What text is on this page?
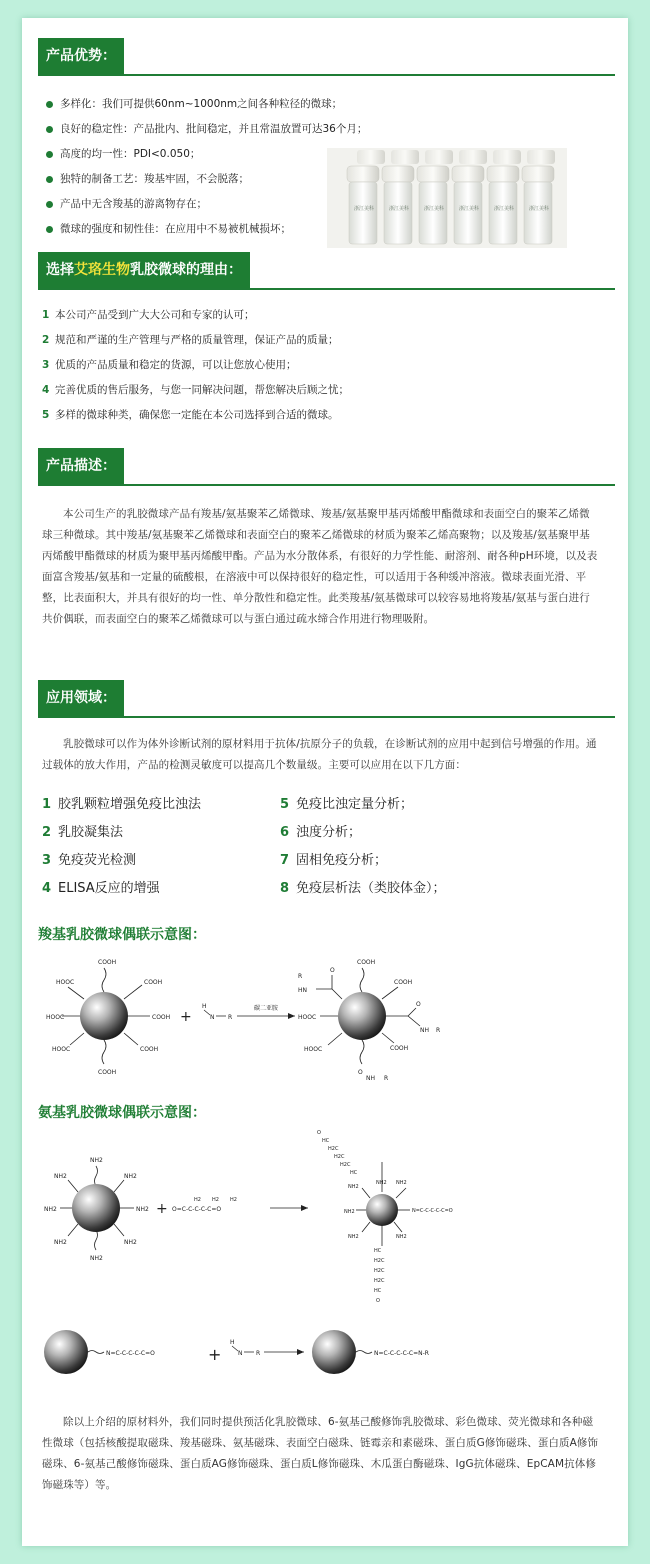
产品优势：
多样化：我们可提供60nm~1000nm之间各种粒径的微球；
良好的稳定性：产品批内、批间稳定，并且常温放置可达36个月；
高度的均一性：PDI<0.050；
独特的制备工艺：羧基牢固，不会脱落；
产品中无含羧基的游离物存在；
微球的强度和韧性佳：在应用中不易被机械损坏；
浙江美科	浙江美科	浙江美科	浙江美科	浙江美科	浙江美科
选择艾珞生物乳胶微球的理由：
1 本公司产品受到广大大公司和专家的认可；
2 规范和严谨的生产管理与严格的质量管理，保证产品的质量；
3 优质的产品质量和稳定的货源，可以让您放心使用；
4 完善优质的售后服务，与您一同解决问题，帮您解决后顾之忧；
5 多样的微球种类，确保您一定能在本公司选择到合适的微球。
产品描述：
本公司生产的乳胶微球产品有羧基/氨基聚苯乙烯微球、羧基/氨基聚甲基丙烯酸甲酯微球和表面空白的聚苯乙烯微球三种微球。其中羧基/氨基聚苯乙烯微球和表面空白的聚苯乙烯微球的材质为聚苯乙烯高聚物；以及羧基/氨基聚甲基丙烯酸甲酯微球的材质为聚甲基丙烯酸甲酯。产品为水分散体系，有很好的力学性能、耐溶剂、耐各种pH环境，以及表面富含羧基/氨基和一定量的硫酸根，在溶液中可以保持很好的稳定性，可以适用于各种缓冲溶液。微球表面光滑、平整，比表面积大，并具有很好的均一性、单分散性和稳定性。此类羧基/氨基微球可以较容易地将羧基/氨基与蛋白进行共价偶联，而表面空白的聚苯乙烯微球可以与蛋白通过疏水缔合作用进行物理吸附。
应用领域：
乳胶微球可以作为体外诊断试剂的原材料用于抗体/抗原分子的负载，在诊断试剂的应用中起到信号增强的作用。通过载体的放大作用，产品的检测灵敏度可以提高几个数量级。主要可以应用在以下几方面：
1 胶乳颗粒增强免疫比浊法
2 乳胶凝集法
3 免疫荧光检测
4 ELISA反应的增强
5 免疫比浊定量分析；
6 浊度分析；
7 固相免疫分析；
8 免疫层析法（类胶体金）；
羧基乳胶微球偶联示意图：
COOH
COOH
COOH
COOH
COOH
HOOC
HOOC
HOOC
+
H
N R
碳二亚胺
COOH
COOH
O
NH R
COOH
O
NH R
HOOC
HOOC
O
HN
R
氨基乳胶微球偶联示意图：
NH2
NH2
NH2
NH2
NH2
NH2
NH2
NH2
+ O=C-C-C-C-C=O
H2 H2 H2
O
HC
H2C
H2C
H2C
HC
NH2 NH2
NH2
NH2
NH2	NH2
N=C-C-C-C-C=O
HC
H2C
H2C
H2C
HC
O
N=C-C-C-C-C=O	+
H
N R	N=C-C-C-C-C=N-R
除以上介绍的原材料外，我们同时提供预活化乳胶微球、6-氨基己酸修饰乳胶微球、彩色微球、荧光微球和各种磁性微球（包括核酸提取磁珠、羧基磁珠、氨基磁珠、表面空白磁珠、链霉亲和素磁珠、蛋白质G修饰磁珠、蛋白质A修饰磁珠、6-氨基己酸修饰磁珠、蛋白质AG修饰磁珠、蛋白质L修饰磁珠、木瓜蛋白酶磁珠、IgG抗体磁珠、EpCAM抗体修饰磁珠等）等。
